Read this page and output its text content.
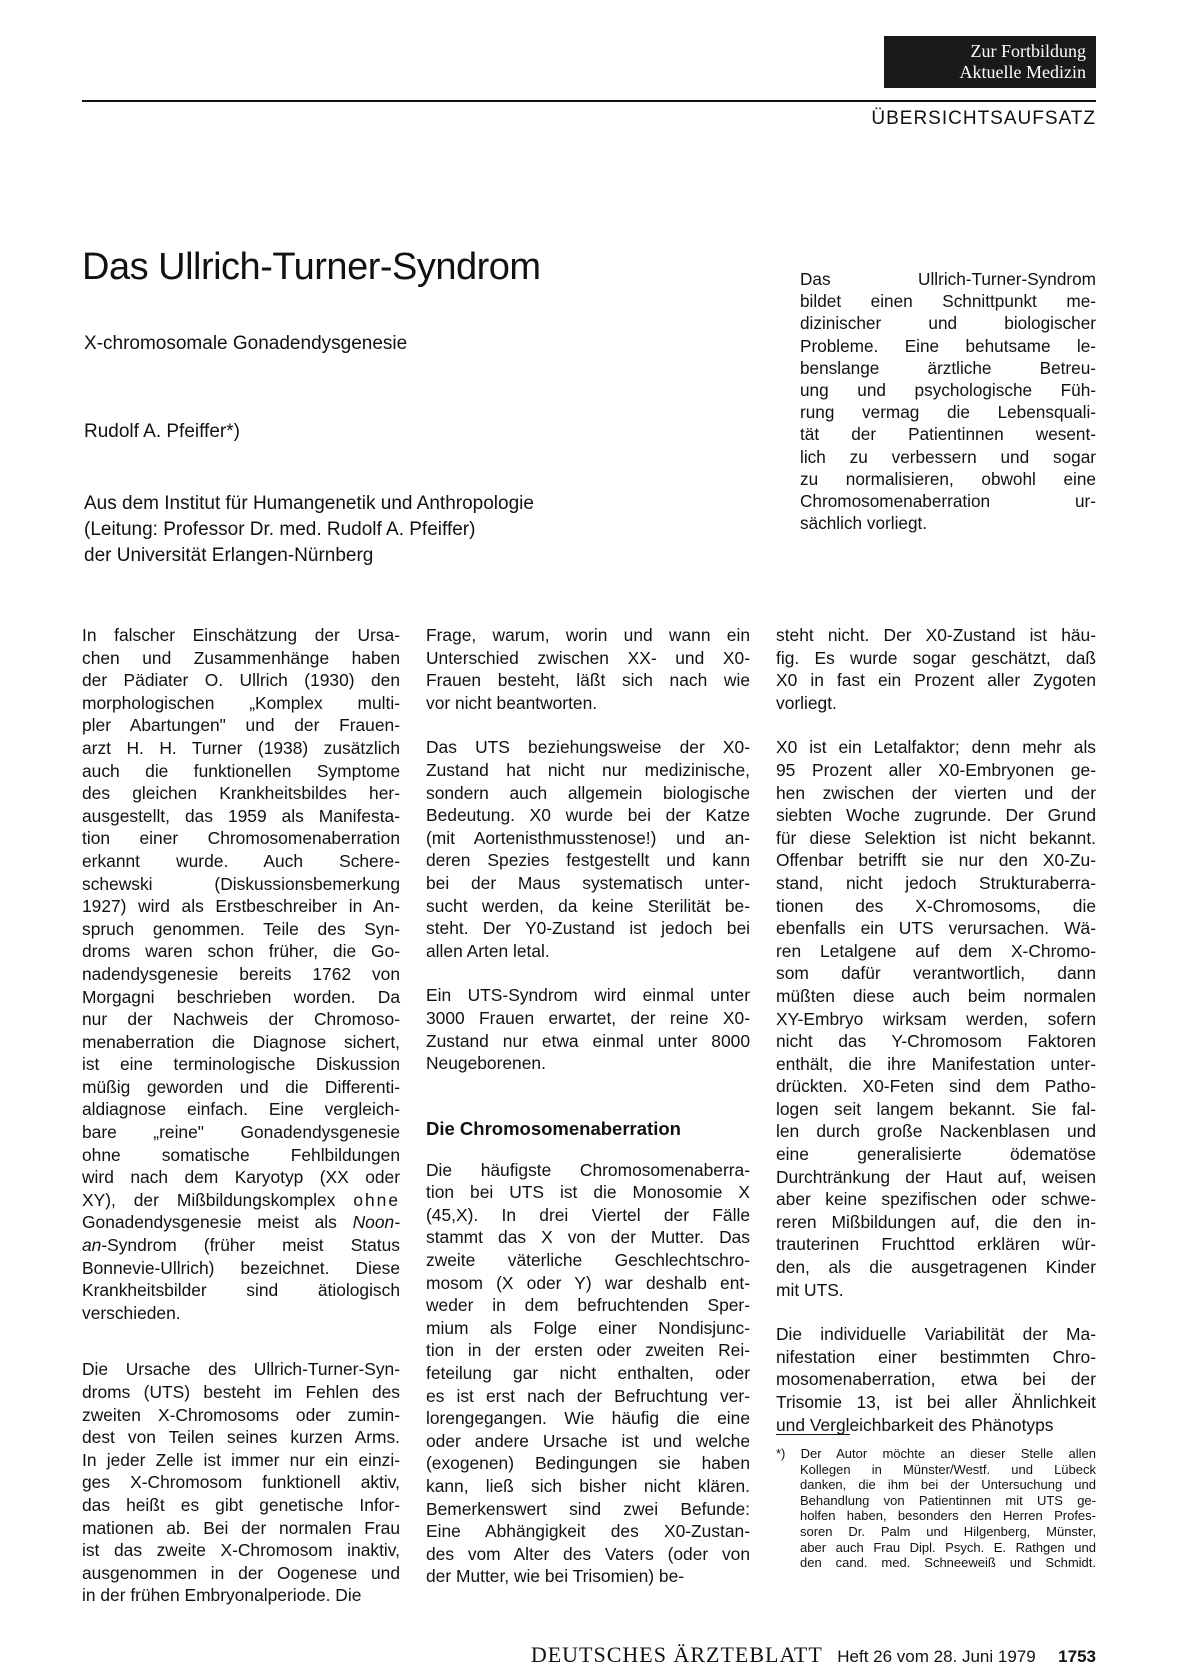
Zur Fortbildung
Aktuelle Medizin
ÜBERSICHTSAUFSATZ
Das Ullrich-Turner-Syndrom
X-chromosomale Gonadendysgenesie
Rudolf A. Pfeiffer*)
Aus dem Institut für Humangenetik und Anthropologie
(Leitung: Professor Dr. med. Rudolf A. Pfeiffer)
der Universität Erlangen-Nürnberg
Das Ullrich-Turner-Syndrom
bildet einen Schnittpunkt me-
dizinischer und biologischer
Probleme. Eine behutsame le-
benslange ärztliche Betreu-
ung und psychologische Füh-
rung vermag die Lebensquali-
tät der Patientinnen wesent-
lich zu verbessern und sogar
zu normalisieren, obwohl eine
Chromosomenaberration ur-
sächlich vorliegt.
In falscher Einschätzung der Ursa-
chen und Zusammenhänge haben
der Pädiater O. Ullrich (1930) den
morphologischen „Komplex multi-
pler Abartungen" und der Frauen-
arzt H. H. Turner (1938) zusätzlich
auch die funktionellen Symptome
des gleichen Krankheitsbildes her-
ausgestellt, das 1959 als Manifesta-
tion einer Chromosomenaberration
erkannt wurde. Auch Schere-
schewski (Diskussionsbemerkung
1927) wird als Erstbeschreiber in An-
spruch genommen. Teile des Syn-
droms waren schon früher, die Go-
nadendysgenesie bereits 1762 von
Morgagni beschrieben worden. Da
nur der Nachweis der Chromoso-
menaberration die Diagnose sichert,
ist eine terminologische Diskussion
müßig geworden und die Differenti-
aldiagnose einfach. Eine vergleich-
bare „reine" Gonadendysgenesie
ohne somatische Fehlbildungen
wird nach dem Karyotyp (XX oder
XY), der Mißbildungskomplex ohne
Gonadendysgenesie meist als Noon-
an-Syndrom (früher meist Status
Bonnevie-Ullrich) bezeichnet. Diese
Krankheitsbilder sind ätiologisch
verschieden.
Die Ursache des Ullrich-Turner-Syn-
droms (UTS) besteht im Fehlen des
zweiten X-Chromosoms oder zumin-
dest von Teilen seines kurzen Arms.
In jeder Zelle ist immer nur ein einzi-
ges X-Chromosom funktionell aktiv,
das heißt es gibt genetische Infor-
mationen ab. Bei der normalen Frau
ist das zweite X-Chromosom inaktiv,
ausgenommen in der Oogenese und
in der frühen Embryonalperiode. Die
Frage, warum, worin und wann ein
Unterschied zwischen XX- und X0-
Frauen besteht, läßt sich nach wie
vor nicht beantworten.
Das UTS beziehungsweise der X0-
Zustand hat nicht nur medizinische,
sondern auch allgemein biologische
Bedeutung. X0 wurde bei der Katze
(mit Aortenisthmusstenose!) und an-
deren Spezies festgestellt und kann
bei der Maus systematisch unter-
sucht werden, da keine Sterilität be-
steht. Der Y0-Zustand ist jedoch bei
allen Arten letal.
Ein UTS-Syndrom wird einmal unter
3000 Frauen erwartet, der reine X0-
Zustand nur etwa einmal unter 8000
Neugeborenen.
Die Chromosomenaberration
Die häufigste Chromosomenaberra-
tion bei UTS ist die Monosomie X
(45,X). In drei Viertel der Fälle
stammt das X von der Mutter. Das
zweite väterliche Geschlechtschro-
mosom (X oder Y) war deshalb ent-
weder in dem befruchtenden Sper-
mium als Folge einer Nondisjunc-
tion in der ersten oder zweiten Rei-
feteilung gar nicht enthalten, oder
es ist erst nach der Befruchtung ver-
lorengegangen. Wie häufig die eine
oder andere Ursache ist und welche
(exogenen) Bedingungen sie haben
kann, ließ sich bisher nicht klären.
Bemerkenswert sind zwei Befunde:
Eine Abhängigkeit des X0-Zustan-
des vom Alter des Vaters (oder von
der Mutter, wie bei Trisomien) be-
steht nicht. Der X0-Zustand ist häu-
fig. Es wurde sogar geschätzt, daß
X0 in fast ein Prozent aller Zygoten
vorliegt.
X0 ist ein Letalfaktor; denn mehr als
95 Prozent aller X0-Embryonen ge-
hen zwischen der vierten und der
siebten Woche zugrunde. Der Grund
für diese Selektion ist nicht bekannt.
Offenbar betrifft sie nur den X0-Zu-
stand, nicht jedoch Strukturaberra-
tionen des X-Chromosoms, die
ebenfalls ein UTS verursachen. Wä-
ren Letalgene auf dem X-Chromo-
som dafür verantwortlich, dann
müßten diese auch beim normalen
XY-Embryo wirksam werden, sofern
nicht das Y-Chromosom Faktoren
enthält, die ihre Manifestation unter-
drückten. X0-Feten sind dem Patho-
logen seit langem bekannt. Sie fal-
len durch große Nackenblasen und
eine generalisierte ödematöse
Durchtränkung der Haut auf, weisen
aber keine spezifischen oder schwe-
reren Mißbildungen auf, die den in-
trauterinen Fruchttod erklären wür-
den, als die ausgetragenen Kinder
mit UTS.
Die individuelle Variabilität der Ma-
nifestation einer bestimmten Chro-
mosomenaberration, etwa bei der
Trisomie 13, ist bei aller Ähnlichkeit
und Vergleichbarkeit des Phänotyps
*) Der Autor möchte an dieser Stelle allen
Kollegen in Münster/Westf. und Lübeck
danken, die ihm bei der Untersuchung und
Behandlung von Patientinnen mit UTS ge-
holfen haben, besonders den Herren Profes-
soren Dr. Palm und Hilgenberg, Münster,
aber auch Frau Dipl. Psych. E. Rathgen und
den cand. med. Schneeweiß und Schmidt.
DEUTSCHES ÄRZTEBLATT Heft 26 vom 28. Juni 1979 1753
